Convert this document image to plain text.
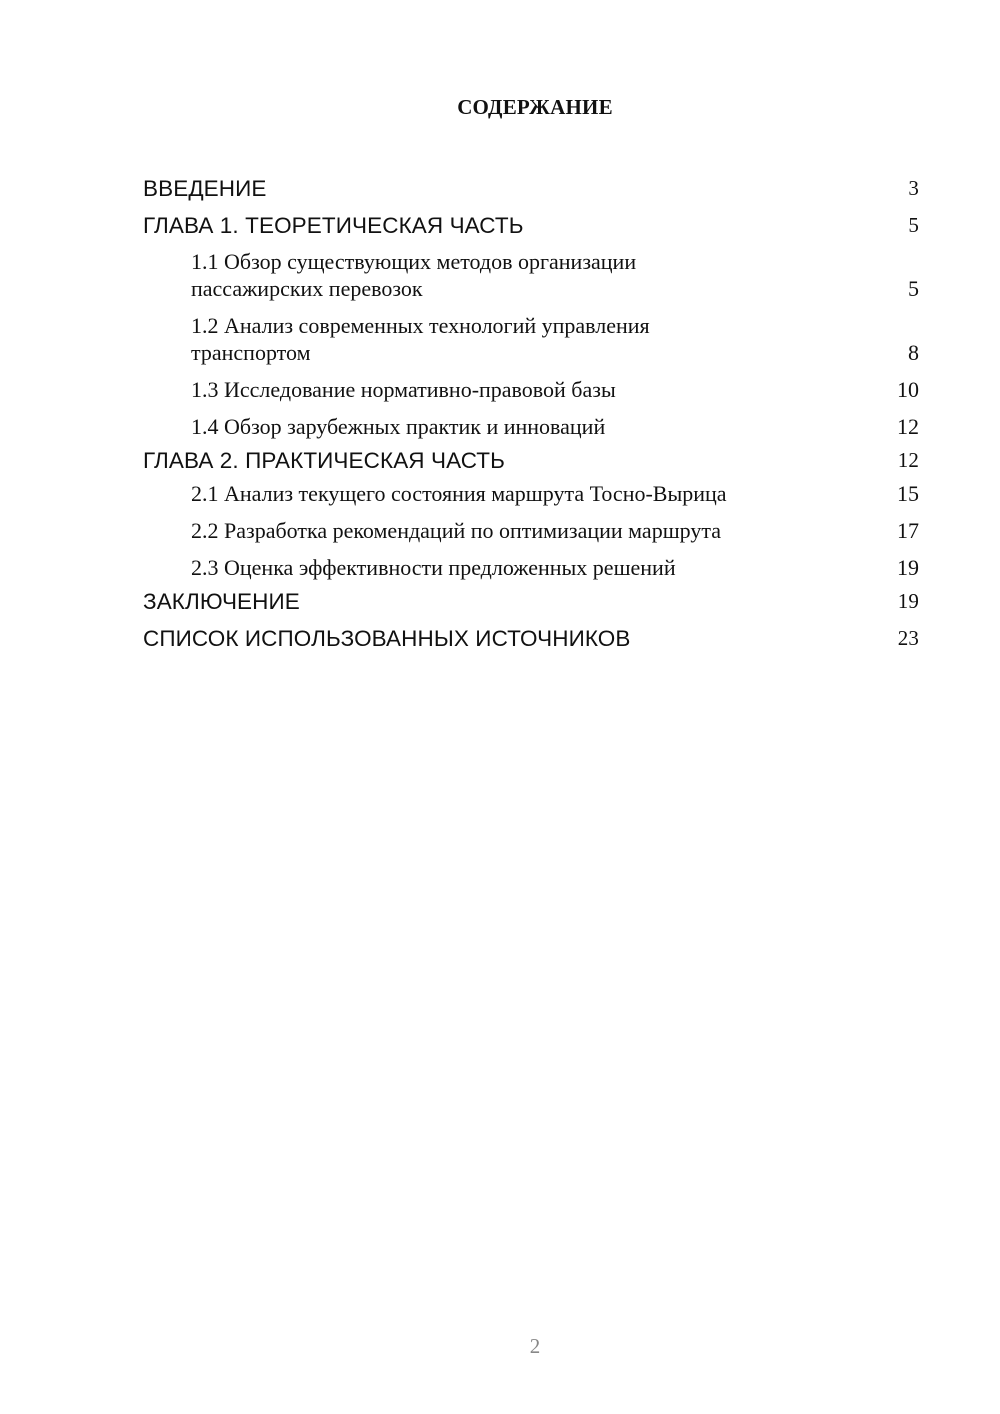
СОДЕРЖАНИЕ
ВВЕДЕНИЕ	3
ГЛАВА 1. ТЕОРЕТИЧЕСКАЯ ЧАСТЬ	5
1.1 Обзор существующих методов организации
пассажирских перевозок	5
1.2 Анализ современных технологий управления
транспортом	8
1.3 Исследование нормативно-правовой базы	10
1.4 Обзор зарубежных практик и инноваций	12
ГЛАВА 2. ПРАКТИЧЕСКАЯ ЧАСТЬ	12
2.1 Анализ текущего состояния маршрута Тосно-Вырица	15
2.2 Разработка рекомендаций по оптимизации маршрута	17
2.3 Оценка эффективности предложенных решений	19
ЗАКЛЮЧЕНИЕ	19
СПИСОК ИСПОЛЬЗОВАННЫХ ИСТОЧНИКОВ	23
2
